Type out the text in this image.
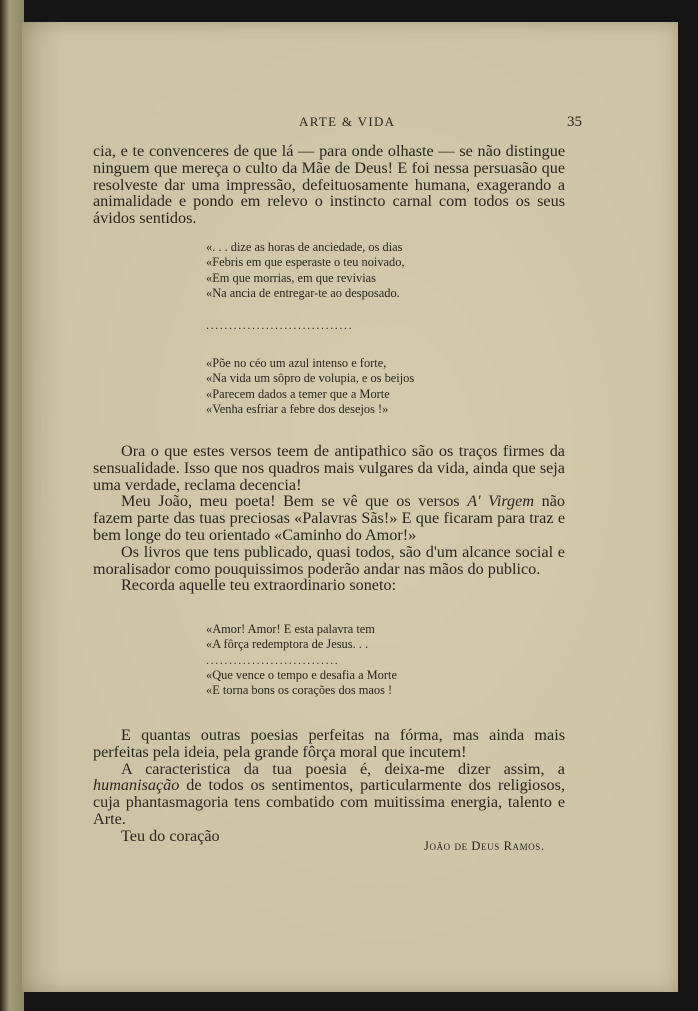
ARTE & VIDA	35

cia, e te convenceres de que lá — para onde olhaste — se não distingue ninguem que mereça o culto da Mãe de Deus! E foi nessa persuasão que resolveste dar uma impressão, defeituosamente humana, exagerando a animalidade e pondo em relevo o instincto carnal com todos os seus ávidos sentidos.

«. . . dize as horas de anciedade, os dias
«Febris em que esperaste o teu noivado,
«Em que morrias, em que revivias
«Na ancia de entregar-te ao desposado.
................................
«Põe no céo um azul intenso e forte,
«Na vida um sôpro de volupia, e os beijos
«Parecem dados a temer que a Morte
«Venha esfriar a febre dos desejos !»

Ora o que estes versos teem de antipathico são os traços firmes da sensualidade. Isso que nos quadros mais vulgares da vida, ainda que seja uma verdade, reclama decencia!

Meu João, meu poeta! Bem se vê que os versos A' Virgem não fazem parte das tuas preciosas «Palavras Sãs!» E que ficaram para traz e bem longe do teu orientado «Caminho do Amor!»

Os livros que tens publicado, quasi todos, são d'um alcance social e moralisador como pouquissimos poderão andar nas mãos do publico.

Recorda aquelle teu extraordinario soneto:

«Amor! Amor! E esta palavra tem
«A fôrça redemptora de Jesus. . .
.............................
«Que vence o tempo e desafia a Morte
«E torna bons os corações dos maos !

E quantas outras poesias perfeitas na fórma, mas ainda mais perfeitas pela ideia, pela grande fôrça moral que incutem!

A caracteristica da tua poesia é, deixa-me dizer assim, a humanisação de todos os sentimentos, particularmente dos religiosos, cuja phantasmagoria tens combatido com muitissima energia, talento e Arte.

Teu do coração

João de Deus Ramos.
